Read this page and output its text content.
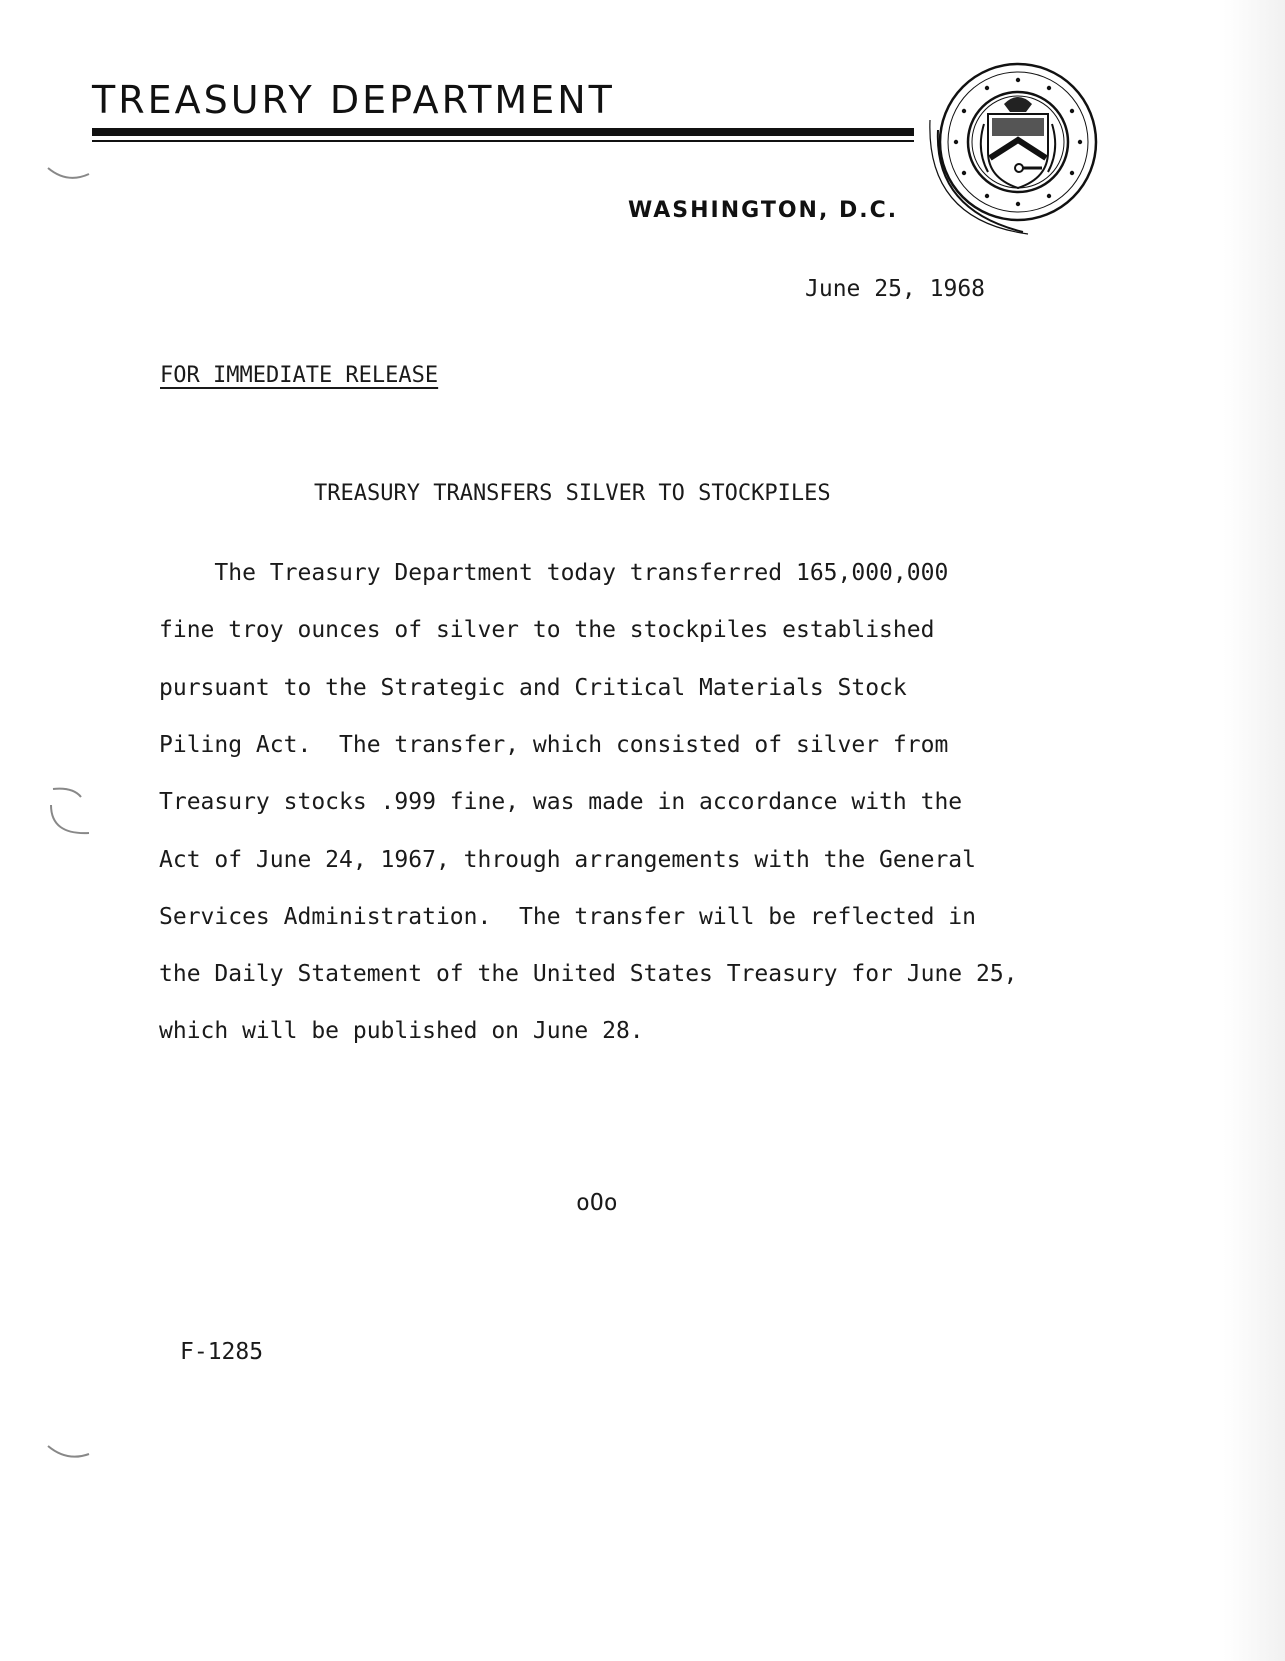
TREASURY DEPARTMENT
WASHINGTON, D.C.
June 25, 1968
FOR IMMEDIATE RELEASE
TREASURY TRANSFERS SILVER TO STOCKPILES
The Treasury Department today transferred 165,000,000
fine troy ounces of silver to the stockpiles established
pursuant to the Strategic and Critical Materials Stock
Piling Act.  The transfer, which consisted of silver from
Treasury stocks .999 fine, was made in accordance with the
Act of June 24, 1967, through arrangements with the General
Services Administration.  The transfer will be reflected in
the Daily Statement of the United States Treasury for June 25,
which will be published on June 28.
oOo
F-1285
